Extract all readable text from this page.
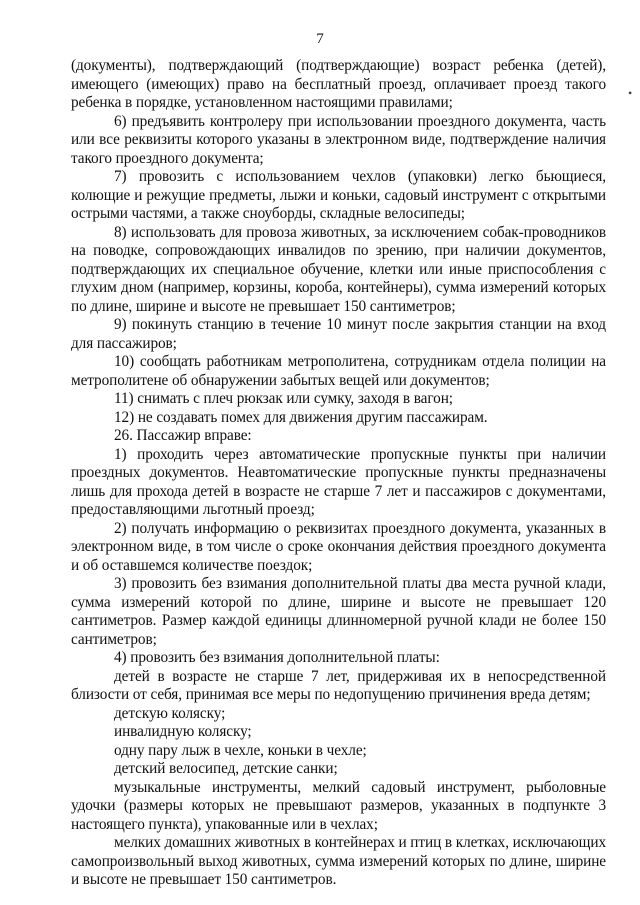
7
•

(документы), подтверждающий (подтверждающие) возраст ребенка (детей), имеющего (имеющих) право на бесплатный проезд, оплачивает проезд такого ребенка в порядке, установленном настоящими правилами;

6) предъявить контролеру при использовании проездного документа, часть или все реквизиты которого указаны в электронном виде, подтверждение наличия такого проездного документа;

7) провозить с использованием чехлов (упаковки) легко бьющиеся, колющие и режущие предметы, лыжи и коньки, садовый инструмент с открытыми острыми частями, а также сноуборды, складные велосипеды;

8) использовать для провоза животных, за исключением собак-проводников на поводке, сопровождающих инвалидов по зрению, при наличии документов, подтверждающих их специальное обучение, клетки или иные приспособления с глухим дном (например, корзины, короба, контейнеры), сумма измерений которых по длине, ширине и высоте не превышает 150 сантиметров;

9) покинуть станцию в течение 10 минут после закрытия станции на вход для пассажиров;

10) сообщать работникам метрополитена, сотрудникам отдела полиции на метрополитене об обнаружении забытых вещей или документов;

11) снимать с плеч рюкзак или сумку, заходя в вагон;

12) не создавать помех для движения другим пассажирам.

26. Пассажир вправе:

1) проходить через автоматические пропускные пункты при наличии проездных документов. Неавтоматические пропускные пункты предназначены лишь для прохода детей в возрасте не старше 7 лет и пассажиров с документами, предоставляющими льготный проезд;

2) получать информацию о реквизитах проездного документа, указанных в электронном виде, в том числе о сроке окончания действия проездного документа и об оставшемся количестве поездок;

3) провозить без взимания дополнительной платы два места ручной клади, сумма измерений которой по длине, ширине и высоте не превышает 120 сантиметров. Размер каждой единицы длинномерной ручной клади не более 150 сантиметров;

4) провозить без взимания дополнительной платы:

детей в возрасте не старше 7 лет, придерживая их в непосредственной близости от себя, принимая все меры по недопущению причинения вреда детям;

детскую коляску;

инвалидную коляску;

одну пару лыж в чехле, коньки в чехле;

детский велосипед, детские санки;

музыкальные инструменты, мелкий садовый инструмент, рыболовные удочки (размеры которых не превышают размеров, указанных в подпункте 3 настоящего пункта), упакованные или в чехлах;

мелких домашних животных в контейнерах и птиц в клетках, исключающих самопроизвольный выход животных, сумма измерений которых по длине, ширине и высоте не превышает 150 сантиметров.
